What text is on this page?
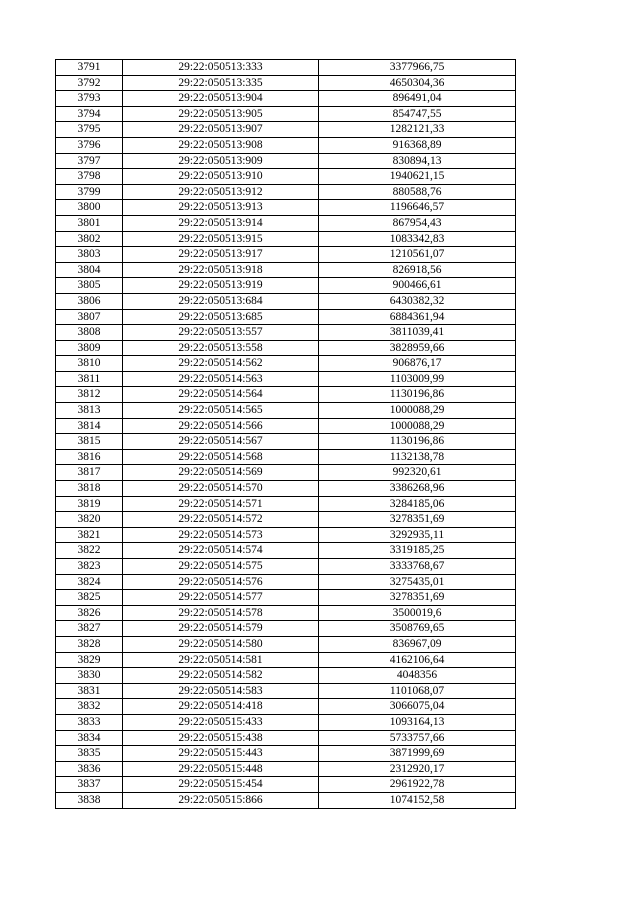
3791	29:22:050513:333	3377966,75
3792	29:22:050513:335	4650304,36
3793	29:22:050513:904	896491,04
3794	29:22:050513:905	854747,55
3795	29:22:050513:907	1282121,33
3796	29:22:050513:908	916368,89
3797	29:22:050513:909	830894,13
3798	29:22:050513:910	1940621,15
3799	29:22:050513:912	880588,76
3800	29:22:050513:913	1196646,57
3801	29:22:050513:914	867954,43
3802	29:22:050513:915	1083342,83
3803	29:22:050513:917	1210561,07
3804	29:22:050513:918	826918,56
3805	29:22:050513:919	900466,61
3806	29:22:050513:684	6430382,32
3807	29:22:050513:685	6884361,94
3808	29:22:050513:557	3811039,41
3809	29:22:050513:558	3828959,66
3810	29:22:050514:562	906876,17
3811	29:22:050514:563	1103009,99
3812	29:22:050514:564	1130196,86
3813	29:22:050514:565	1000088,29
3814	29:22:050514:566	1000088,29
3815	29:22:050514:567	1130196,86
3816	29:22:050514:568	1132138,78
3817	29:22:050514:569	992320,61
3818	29:22:050514:570	3386268,96
3819	29:22:050514:571	3284185,06
3820	29:22:050514:572	3278351,69
3821	29:22:050514:573	3292935,11
3822	29:22:050514:574	3319185,25
3823	29:22:050514:575	3333768,67
3824	29:22:050514:576	3275435,01
3825	29:22:050514:577	3278351,69
3826	29:22:050514:578	3500019,6
3827	29:22:050514:579	3508769,65
3828	29:22:050514:580	836967,09
3829	29:22:050514:581	4162106,64
3830	29:22:050514:582	4048356
3831	29:22:050514:583	1101068,07
3832	29:22:050514:418	3066075,04
3833	29:22:050515:433	1093164,13
3834	29:22:050515:438	5733757,66
3835	29:22:050515:443	3871999,69
3836	29:22:050515:448	2312920,17
3837	29:22:050515:454	2961922,78
3838	29:22:050515:866	1074152,58
